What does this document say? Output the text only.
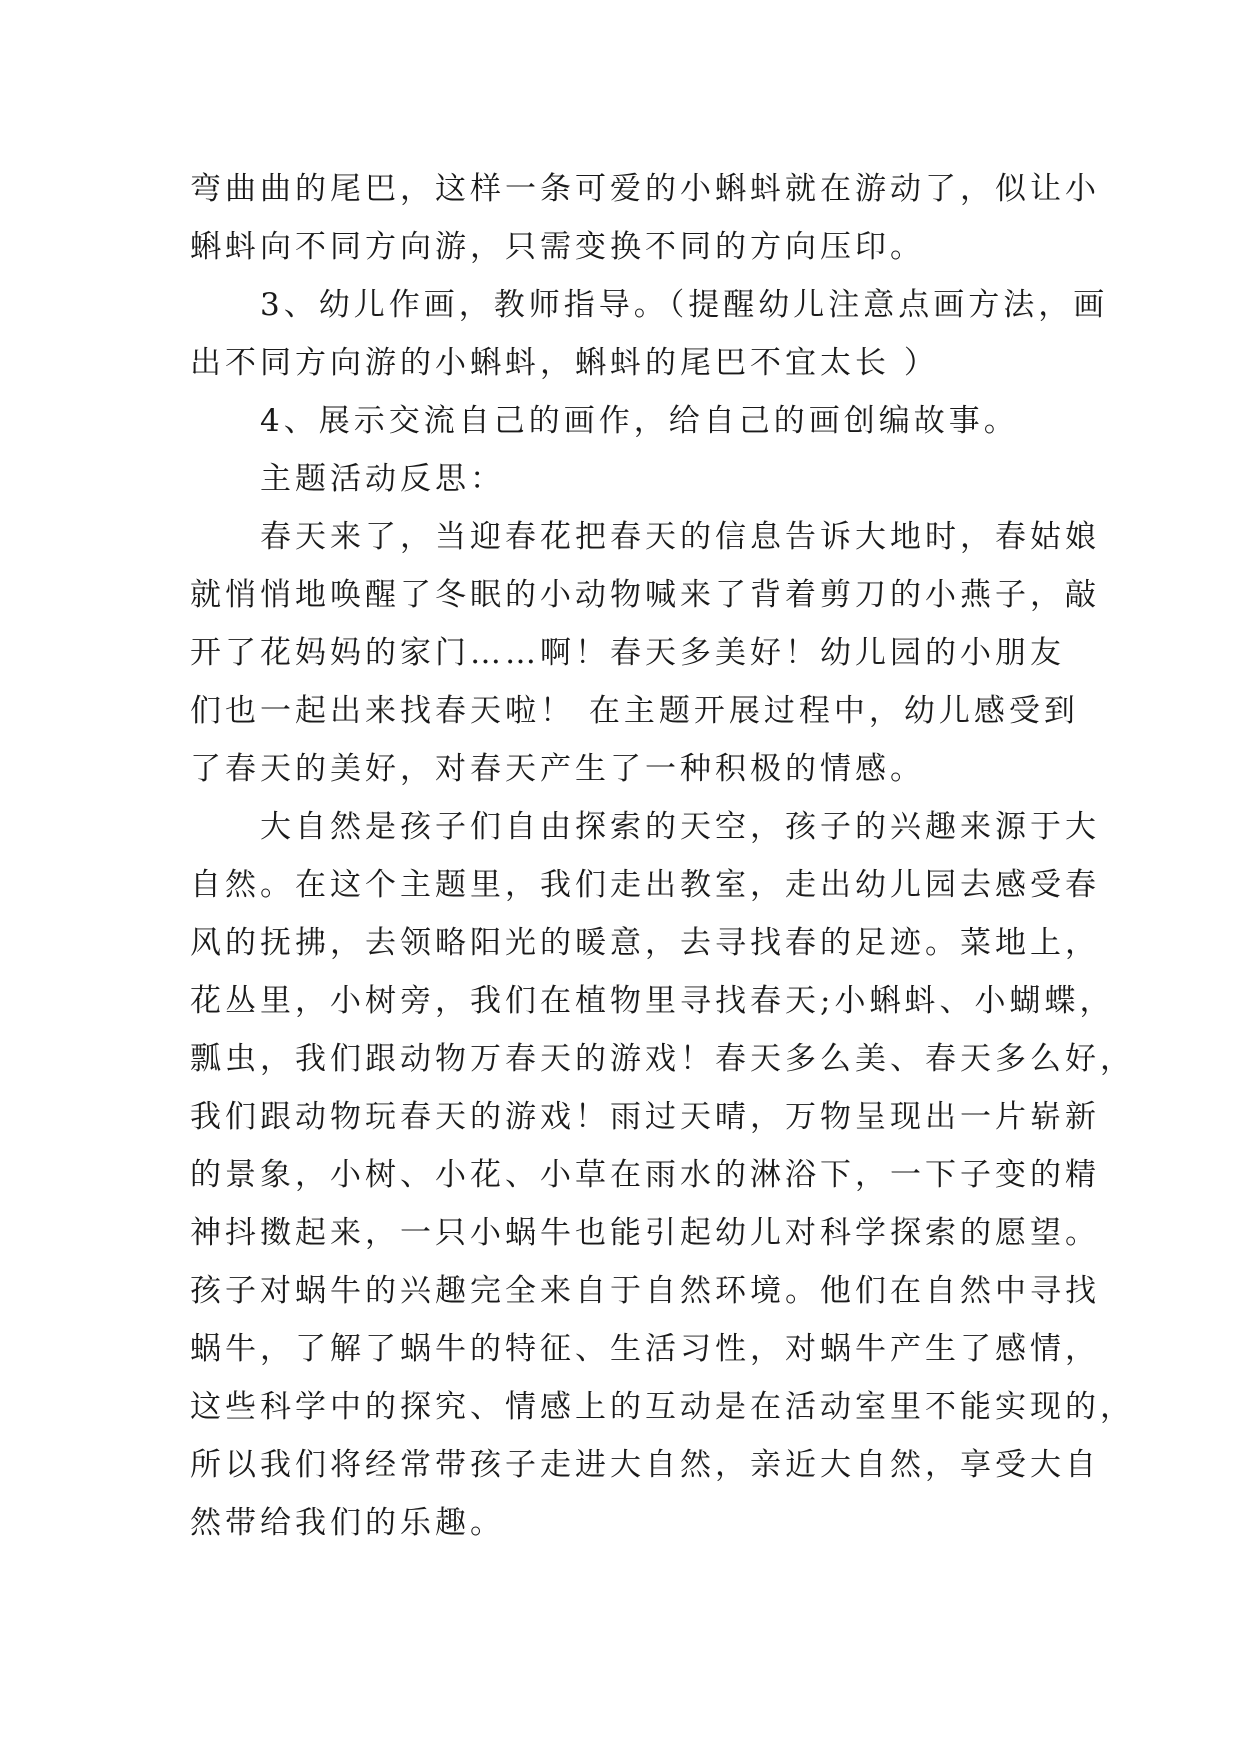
弯曲曲的尾巴，这样一条可爱的小蝌蚪就在游动了，似让小
蝌蚪向不同方向游，只需变换不同的方向压印。
　　3、幼儿作画，教师指导。（提醒幼儿注意点画方法，画
出不同方向游的小蝌蚪，蝌蚪的尾巴不宜太长 ）
　　4、展示交流自己的画作，给自己的画创编故事。
　　主题活动反思：
　　春天来了，当迎春花把春天的信息告诉大地时，春姑娘
就悄悄地唤醒了冬眠的小动物喊来了背着剪刀的小燕子，敲
开了花妈妈的家门……啊！春天多美好！幼儿园的小朋友
们也一起出来找春天啦！ 在主题开展过程中，幼儿感受到
了春天的美好，对春天产生了一种积极的情感。
　　大自然是孩子们自由探索的天空，孩子的兴趣来源于大
自然。在这个主题里，我们走出教室，走出幼儿园去感受春
风的抚拂，去领略阳光的暖意，去寻找春的足迹。菜地上，
花丛里，小树旁，我们在植物里寻找春天;小蝌蚪、小蝴蝶，
瓢虫，我们跟动物万春天的游戏！春天多么美、春天多么好，
我们跟动物玩春天的游戏！雨过天晴，万物呈现出一片崭新
的景象，小树、小花、小草在雨水的淋浴下，一下子变的精
神抖擞起来，一只小蜗牛也能引起幼儿对科学探索的愿望。
孩子对蜗牛的兴趣完全来自于自然环境。他们在自然中寻找
蜗牛，了解了蜗牛的特征、生活习性，对蜗牛产生了感情，
这些科学中的探究、情感上的互动是在活动室里不能实现的，
所以我们将经常带孩子走进大自然，亲近大自然，享受大自
然带给我们的乐趣。
